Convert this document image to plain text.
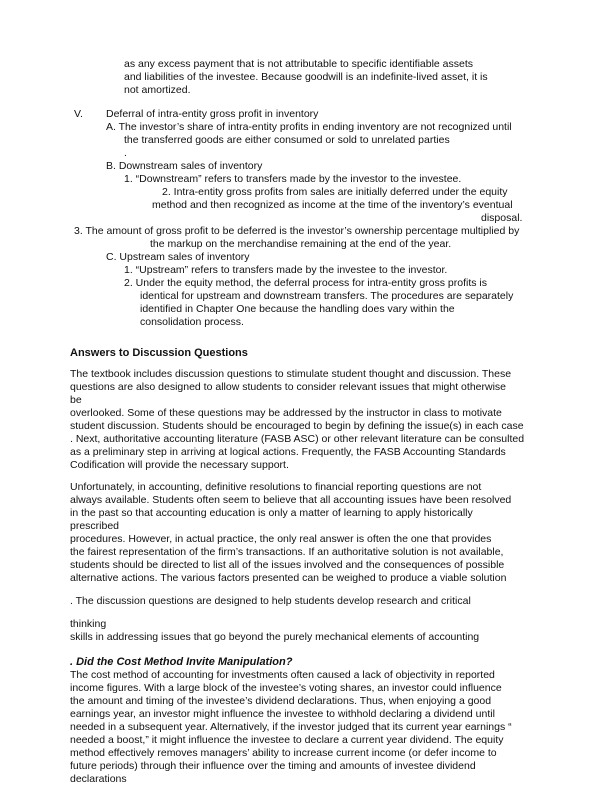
as any excess payment that is not attributable to specific identifiable assets
and liabilities of the investee. Because goodwill is an indefinite-lived asset, it is
not amortized.
V. Deferral of intra-entity gross profit in inventory
A. The investor’s share of intra-entity profits in ending inventory are not recognized until
the transferred goods are either consumed or sold to unrelated parties
.
B. Downstream sales of inventory
1. “Downstream” refers to transfers made by the investor to the investee.
2. Intra-entity gross profits from sales are initially deferred under the equity
method and then recognized as income at the time of the inventory’s eventual
disposal.
3. The amount of gross profit to be deferred is the investor’s ownership percentage multiplied by
the markup on the merchandise remaining at the end of the year.
C. Upstream sales of inventory
1. “Upstream” refers to transfers made by the investee to the investor.
2. Under the equity method, the deferral process for intra-entity gross profits is
identical for upstream and downstream transfers. The procedures are separately
identified in Chapter One because the handling does vary within the
consolidation process.
Answers to Discussion Questions
The textbook includes discussion questions to stimulate student thought and discussion. These
questions are also designed to allow students to consider relevant issues that might otherwise
be
overlooked. Some of these questions may be addressed by the instructor in class to motivate
student discussion. Students should be encouraged to begin by defining the issue(s) in each case
. Next, authoritative accounting literature (FASB ASC) or other relevant literature can be consulted
as a preliminary step in arriving at logical actions. Frequently, the FASB Accounting Standards
Codification will provide the necessary support.
Unfortunately, in accounting, definitive resolutions to financial reporting questions are not
always available. Students often seem to believe that all accounting issues have been resolved
in the past so that accounting education is only a matter of learning to apply historically
prescribed
procedures. However, in actual practice, the only real answer is often the one that provides
the fairest representation of the firm’s transactions. If an authoritative solution is not available,
students should be directed to list all of the issues involved and the consequences of possible
alternative actions. The various factors presented can be weighed to produce a viable solution
. The discussion questions are designed to help students develop research and critical
thinking
skills in addressing issues that go beyond the purely mechanical elements of accounting
. Did the Cost Method Invite Manipulation?
The cost method of accounting for investments often caused a lack of objectivity in reported
income figures. With a large block of the investee’s voting shares, an investor could influence
the amount and timing of the investee’s dividend declarations. Thus, when enjoying a good
earnings year, an investor might influence the investee to withhold declaring a dividend until
needed in a subsequent year. Alternatively, if the investor judged that its current year earnings “
needed a boost,” it might influence the investee to declare a current year dividend. The equity
method effectively removes managers’ ability to increase current income (or defer income to
future periods) through their influence over the timing and amounts of investee dividend
declarations
